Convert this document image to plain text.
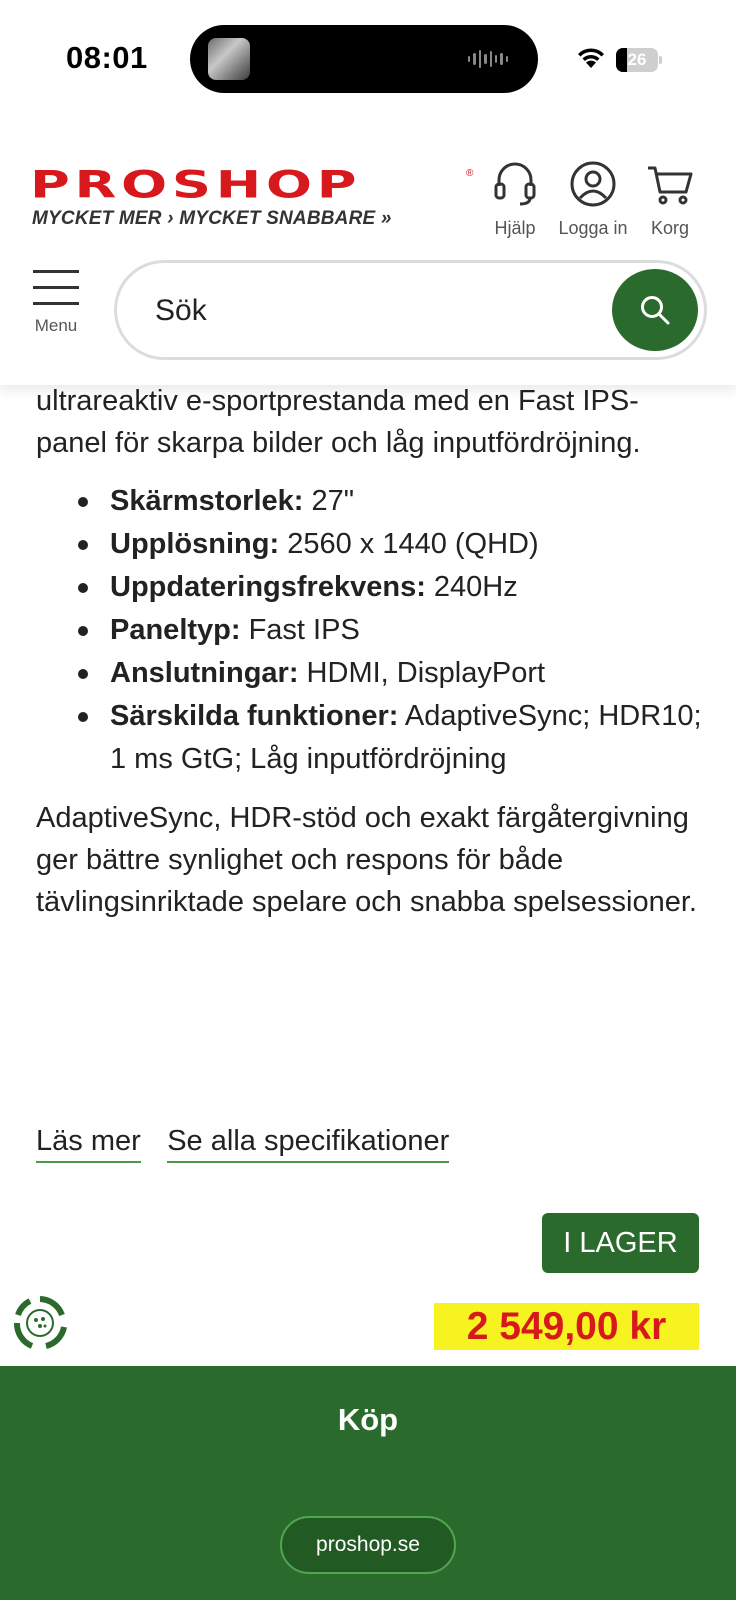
08:01	26
PROSHOP	®
MYCKET MER › MYCKET SNABBARE »	Hjälp	Logga in	Korg
Menu
Sök

ultrareaktiv e-sportprestanda med en Fast IPS-panel för skarpa bilder och låg inputfördröjning.

Skärmstorlek: 27"
Upplösning: 2560 x 1440 (QHD)
Uppdateringsfrekvens: 240Hz
Paneltyp: Fast IPS
Anslutningar: HDMI, DisplayPort
Särskilda funktioner: AdaptiveSync; HDR10; 1 ms GtG; Låg inputfördröjning

AdaptiveSync, HDR-stöd och exakt färgåtergivning ger bättre synlighet och respons för både tävlingsinriktade spelare och snabba spelsessioner.

Läs mer Se alla specifikationer
I LAGER
2 549,00 kr
Köp
proshop.se
